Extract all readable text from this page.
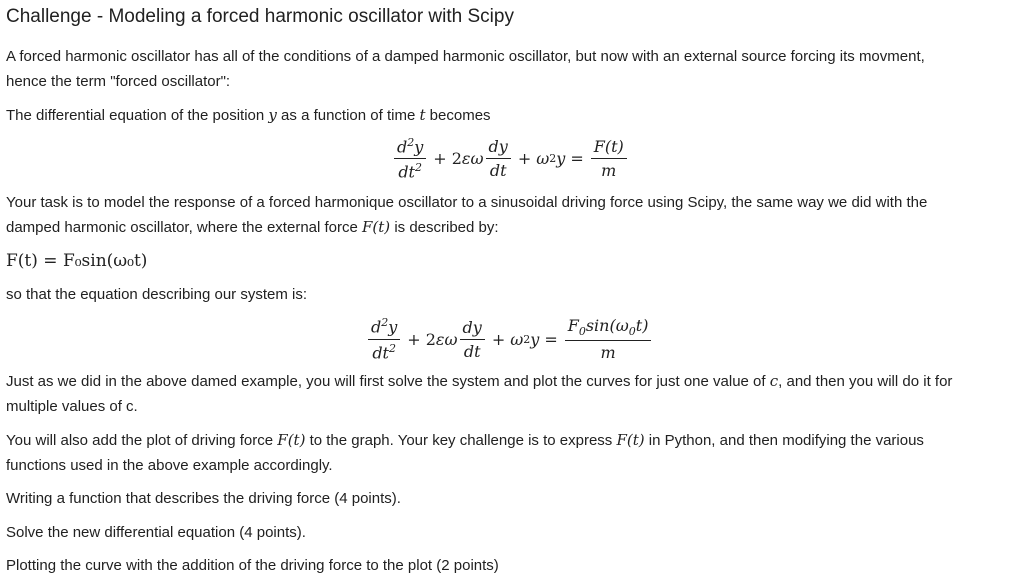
Challenge - Modeling a forced harmonic oscillator with Scipy

A forced harmonic oscillator has all of the conditions of a damped harmonic oscillator, but now with an external source forcing its movment,
hence the term "forced oscillator":

The differential equation of the position y as a function of time t becomes

$\frac{d^2y}{dt^2} + 2$ εω $\frac{dy}{dt} + \omega$ 2 $y = \frac{F(t)}{m}$

Your task is to model the response of a forced harmonique oscillator to a sinusoidal driving force using Scipy, the same way we did with the
damped harmonic oscillator, where the external force F(t) is described by:

F(t) = F₀sin(ω₀t)

so that the equation describing our system is:

$\frac{d^2y}{dt^2} + 2$ εω $\frac{dy}{dt} + \omega$ 2 $y = \frac{F_0\sin(\omega_0t)}{m}$

Just as we did in the above damed example, you will first solve the system and plot the curves for just one value of c, and then you will do it for
multiple values of c.

You will also add the plot of driving force F(t) to the graph. Your key challenge is to express F(t) in Python, and then modifying the various
functions used in the above example accordingly.

Writing a function that describes the driving force (4 points).

Solve the new differential equation (4 points).

Plotting the curve with the addition of the driving force to the plot (2 points)
